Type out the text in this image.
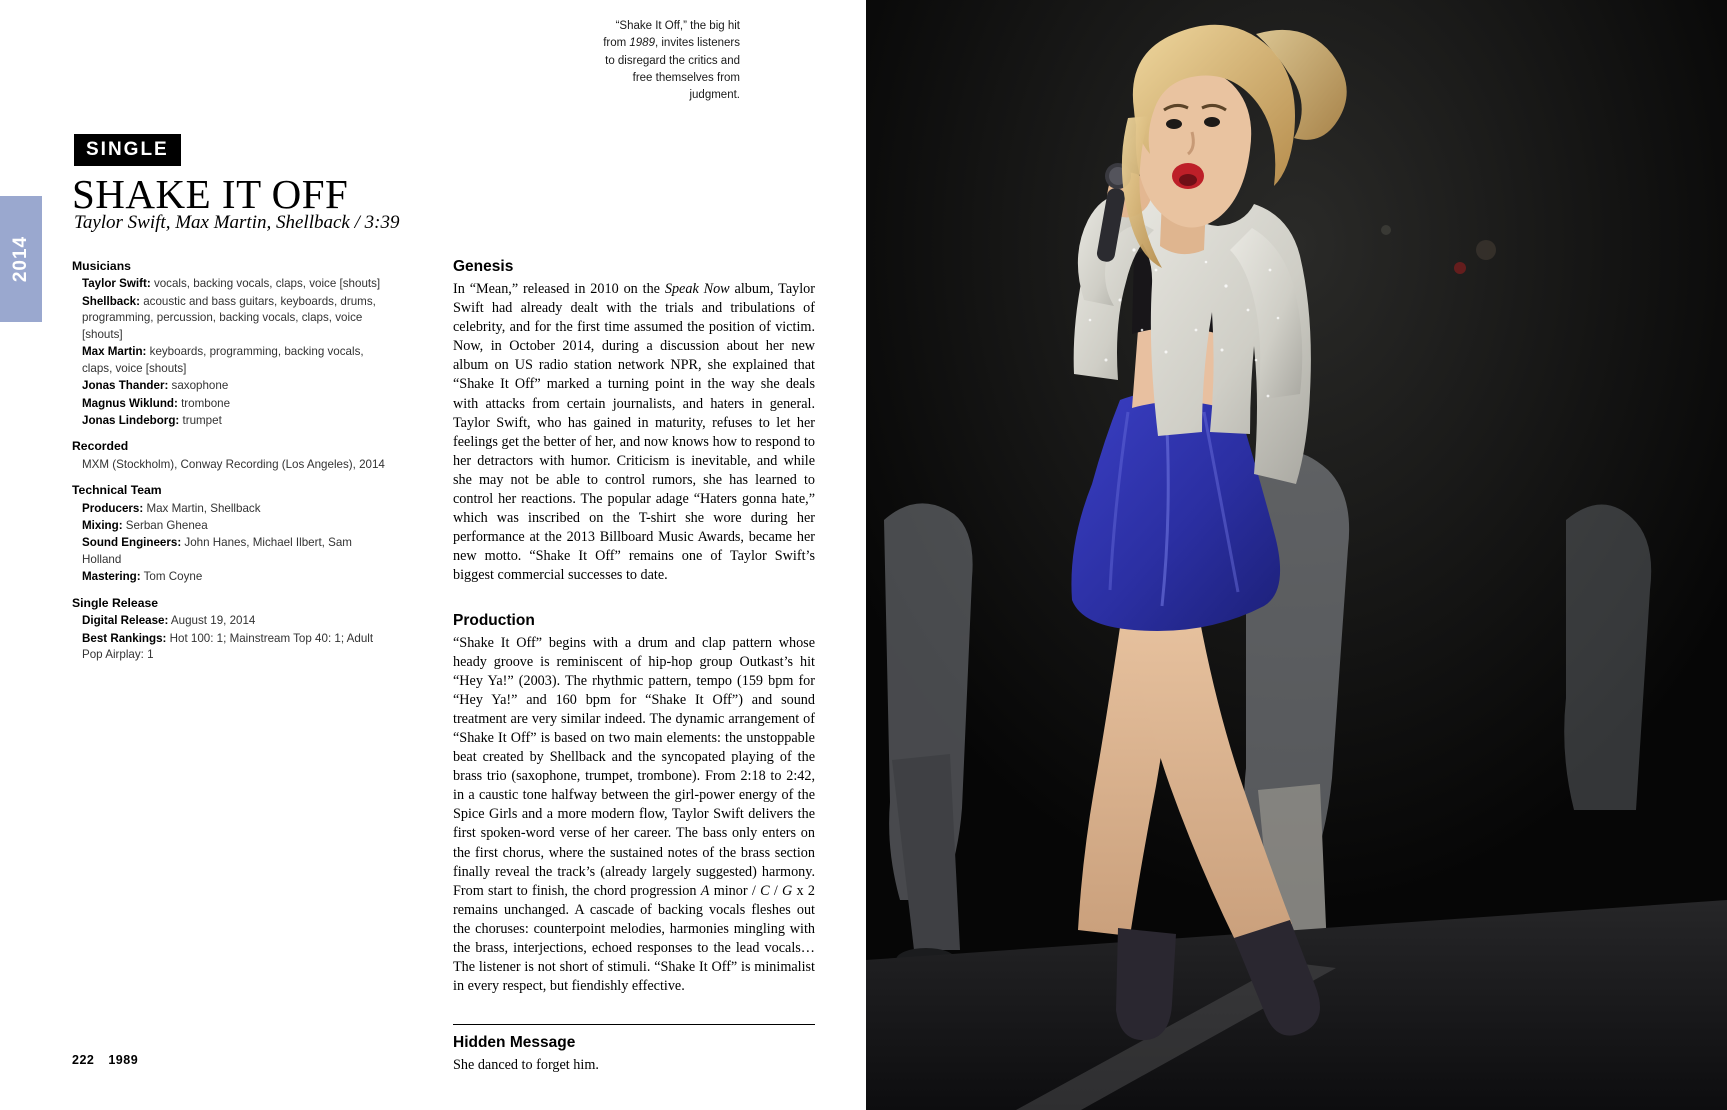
2014
“Shake It Off,” the big hit from 1989, invites listeners to disregard the critics and free themselves from judgment.
SINGLE
SHAKE IT OFF
Taylor Swift, Max Martin, Shellback / 3:39
Musicians
Taylor Swift: vocals, backing vocals, claps, voice [shouts]
Shellback: acoustic and bass guitars, keyboards, drums, programming, percussion, backing vocals, claps, voice [shouts]
Max Martin: keyboards, programming, backing vocals, claps, voice [shouts]
Jonas Thander: saxophone
Magnus Wiklund: trombone
Jonas Lindeborg: trumpet
Recorded
MXM (Stockholm), Conway Recording (Los Angeles), 2014
Technical Team
Producers: Max Martin, Shellback
Mixing: Serban Ghenea
Sound Engineers: John Hanes, Michael Ilbert, Sam Holland
Mastering: Tom Coyne
Single Release
Digital Release: August 19, 2014
Best Rankings: Hot 100: 1; Mainstream Top 40: 1; Adult Pop Airplay: 1
Genesis

In “Mean,” released in 2010 on the Speak Now album, Taylor Swift had already dealt with the trials and tribulations of celebrity, and for the first time assumed the position of victim. Now, in October 2014, during a discussion about her new album on US radio station network NPR, she explained that “Shake It Off” marked a turning point in the way she deals with attacks from certain journalists, and haters in general. Taylor Swift, who has gained in maturity, refuses to let her feelings get the better of her, and now knows how to respond to her detractors with humor. Criticism is inevitable, and while she may not be able to control rumors, she has learned to control her reactions. The popular adage “Haters gonna hate,” which was inscribed on the T-shirt she wore during her performance at the 2013 Billboard Music Awards, became her new motto. “Shake It Off” remains one of Taylor Swift’s biggest commercial successes to date.

Production

“Shake It Off” begins with a drum and clap pattern whose heady groove is reminiscent of hip-hop group Outkast’s hit “Hey Ya!” (2003). The rhythmic pattern, tempo (159 bpm for “Hey Ya!” and 160 bpm for “Shake It Off”) and sound treatment are very similar indeed. The dynamic arrangement of “Shake It Off” is based on two main elements: the unstoppable beat created by Shellback and the syncopated playing of the brass trio (saxophone, trumpet, trombone). From 2:18 to 2:42, in a caustic tone halfway between the girl-power energy of the Spice Girls and a more modern flow, Taylor Swift delivers the first spoken-word verse of her career. The bass only enters on the first chorus, where the sustained notes of the brass section finally reveal the track’s (already largely suggested) harmony. From start to finish, the chord progression A minor / C / G x 2 remains unchanged. A cascade of backing vocals fleshes out the choruses: counterpoint melodies, harmonies mingling with the brass, interjections, echoed responses to the lead vocals…The listener is not short of stimuli. “Shake It Off” is minimalist in every respect, but fiendishly effective.

Hidden Message
She danced to forget him.
222 1989
